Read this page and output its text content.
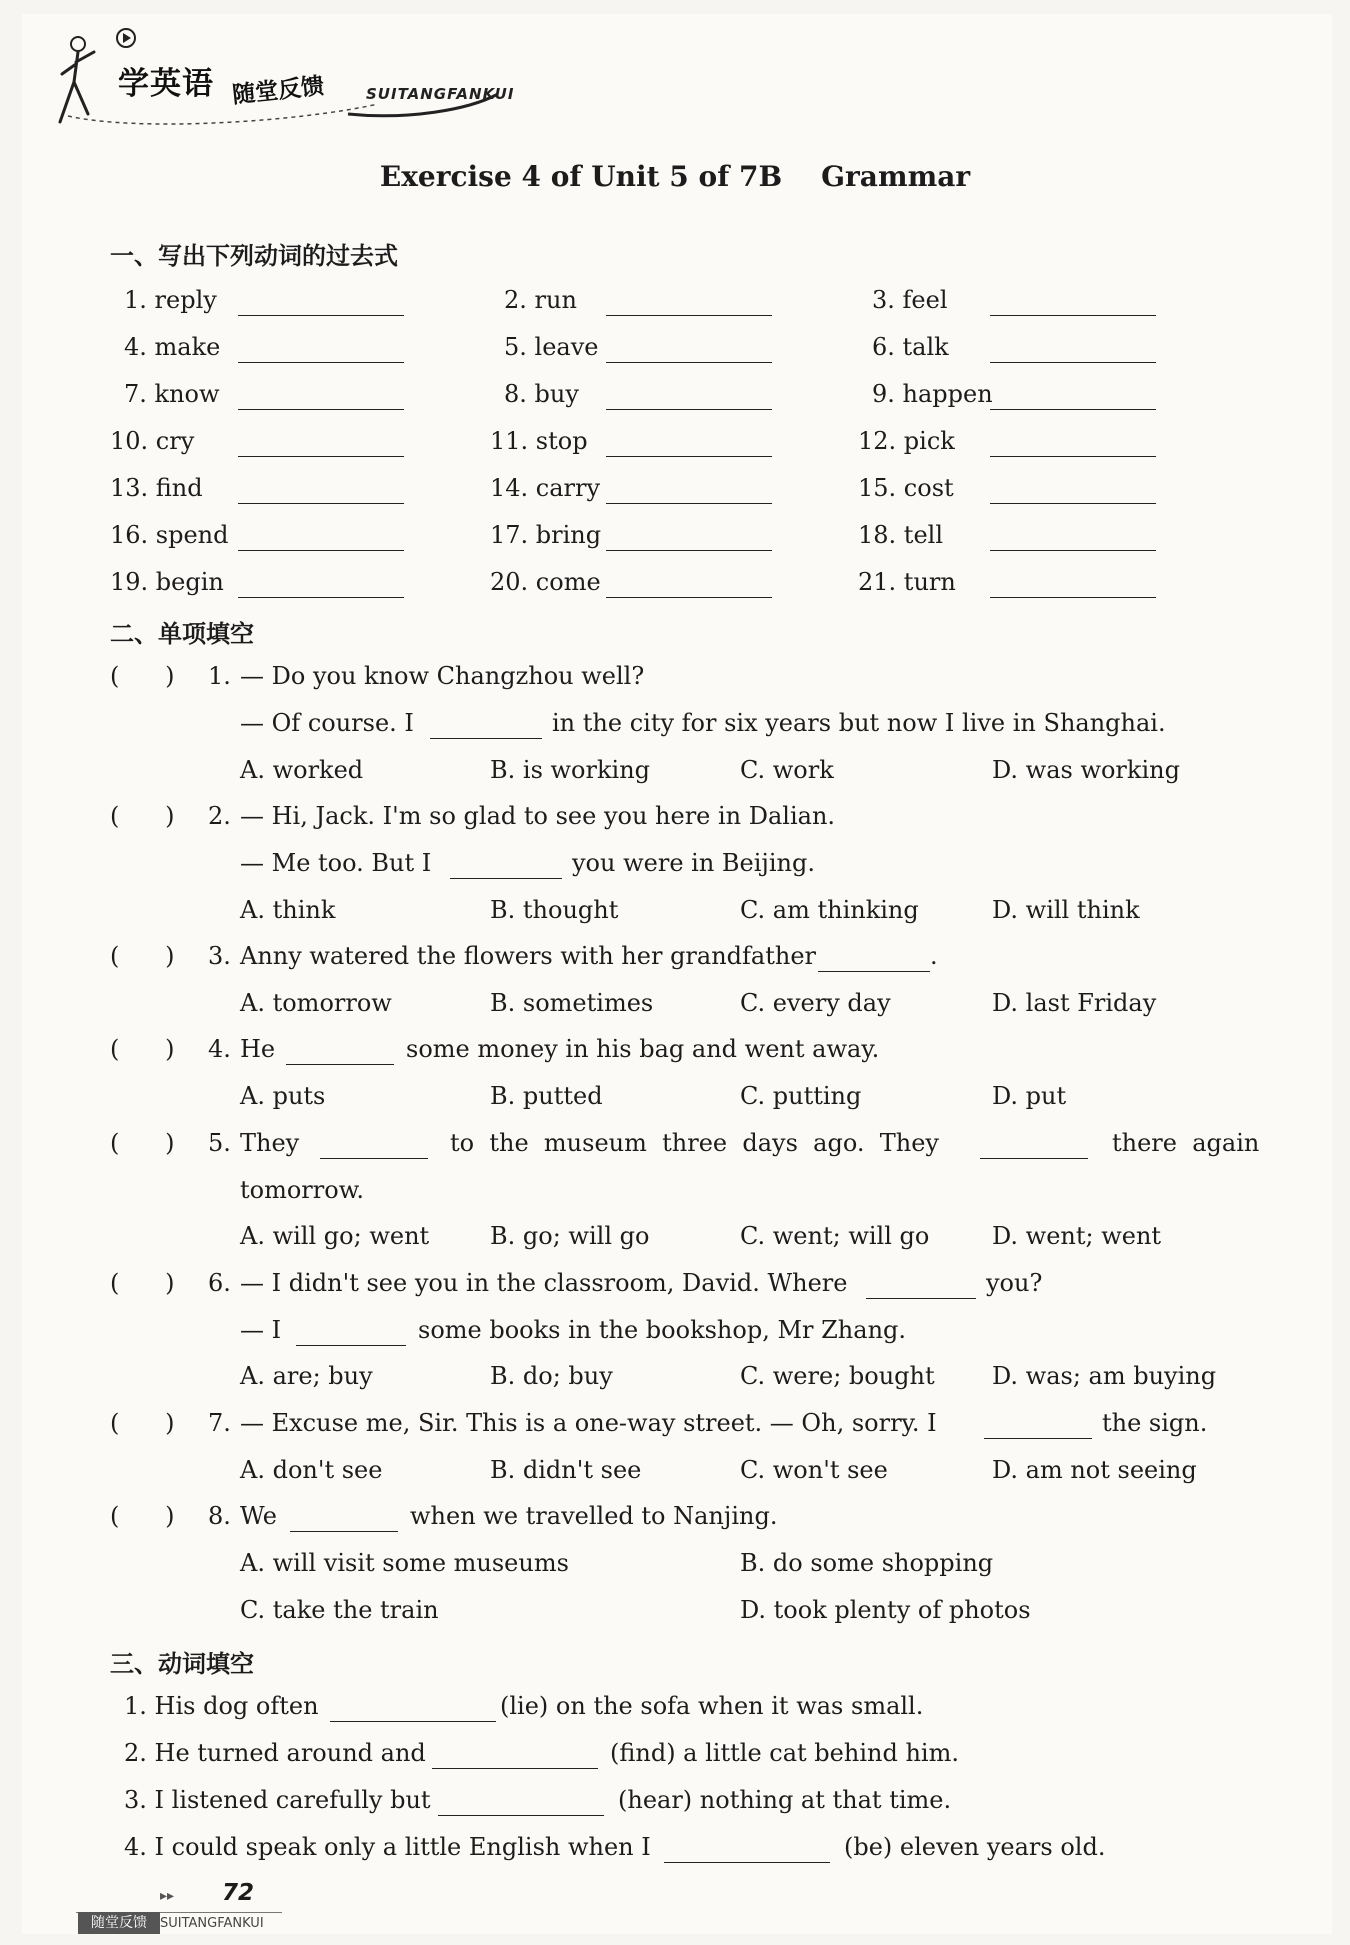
学英语 随堂反馈	SUITANGFANKUI
Exercise 4 of Unit 5 of 7B    Grammar
一、写出下列动词的过去式
1. reply	2. run	3. feel
4. make	5. leave	6. talk
7. know	8. buy	9. happen
10. cry	11. stop	12. pick
13. find	14. carry	15. cost
16. spend	17. bring	18. tell
19. begin	20. come	21. turn
二、单项填空
(      ) 1. — Do you know Changzhou well?
— Of course. I	in the city for six years but now I live in Shanghai.
A. worked	B. is working	C. work	D. was working
(      ) 2. — Hi, Jack. I'm so glad to see you here in Dalian.
— Me too. But I	you were in Beijing.
A. think	B. thought	C. am thinking	D. will think
(      ) 3. Anny watered the flowers with her grandfather	.
A. tomorrow	B. sometimes	C. every day	D. last Friday
(      ) 4. He	some money in his bag and went away.
A. puts	B. putted	C. putting	D. put
(      ) 5. They	to  the  museum  three  days  ago.  They	there  again
tomorrow.
A. will go; went	B. go; will go	C. went; will go	D. went; went
(      ) 6. — I didn't see you in the classroom, David. Where	you?
— I	some books in the bookshop, Mr Zhang.
A. are; buy	B. do; buy	C. were; bought D. was; am buying
(      ) 7. — Excuse me, Sir. This is a one-way street. — Oh, sorry. I	the sign.
A. don't see	B. didn't see	C. won't see	D. am not seeing
(      ) 8. We	when we travelled to Nanjing.
A. will visit some museums	B. do some shopping
C. take the train	D. took plenty of photos
三、动词填空
1. His dog often	(lie) on the sofa when it was small.
2. He turned around and	(find) a little cat behind him.
3. I listened carefully but	(hear) nothing at that time.
4. I could speak only a little English when I	(be) eleven years old.
▸▸ 72
随堂反馈	SUITANGFANKUI
